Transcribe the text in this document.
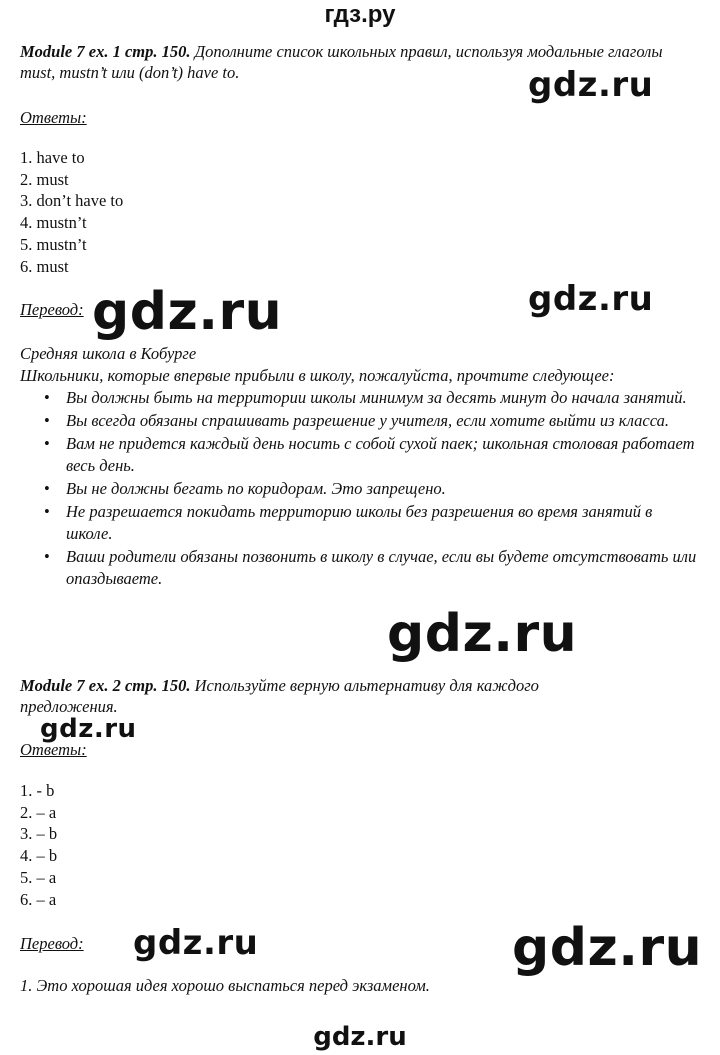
гдз.ру
Module 7 ex. 1 стр. 150. Дополните список школьных правил, используя модальные глаголы must, mustn’t или (don’t) have to.
Ответы:
1. have to
2. must
3. don’t have to
4. mustn’t
5. mustn’t
6. must
Перевод:
Средняя школа в Кобурге
Школьники, которые впервые прибыли в школу, пожалуйста, прочтите следующее:
• Вы должны быть на территории школы минимум за десять минут до начала занятий.
• Вы всегда обязаны спрашивать разрешение у учителя, если хотите выйти из класса.
• Вам не придется каждый день носить с собой сухой паек; школьная столовая работает весь день.
• Вы не должны бегать по коридорам. Это запрещено.
• Не разрешается покидать территорию школы без разрешения во время занятий в школе.
• Ваши родители обязаны позвонить в школу в случае, если вы будете отсутствовать или опаздываете.
Module 7 ex. 2 стр. 150. Используйте верную альтернативу для каждого предложения.
Ответы:
1. - b
2. – a
3. – b
4. – b
5. – a
6. – a
Перевод:
1. Это хорошая идея хорошо выспаться перед экзаменом.
gdz.ru
gdz.ru	gdz.ru
gdz.ru
gdz.ru
gdz.ru	gdz.ru
gdz.ru
